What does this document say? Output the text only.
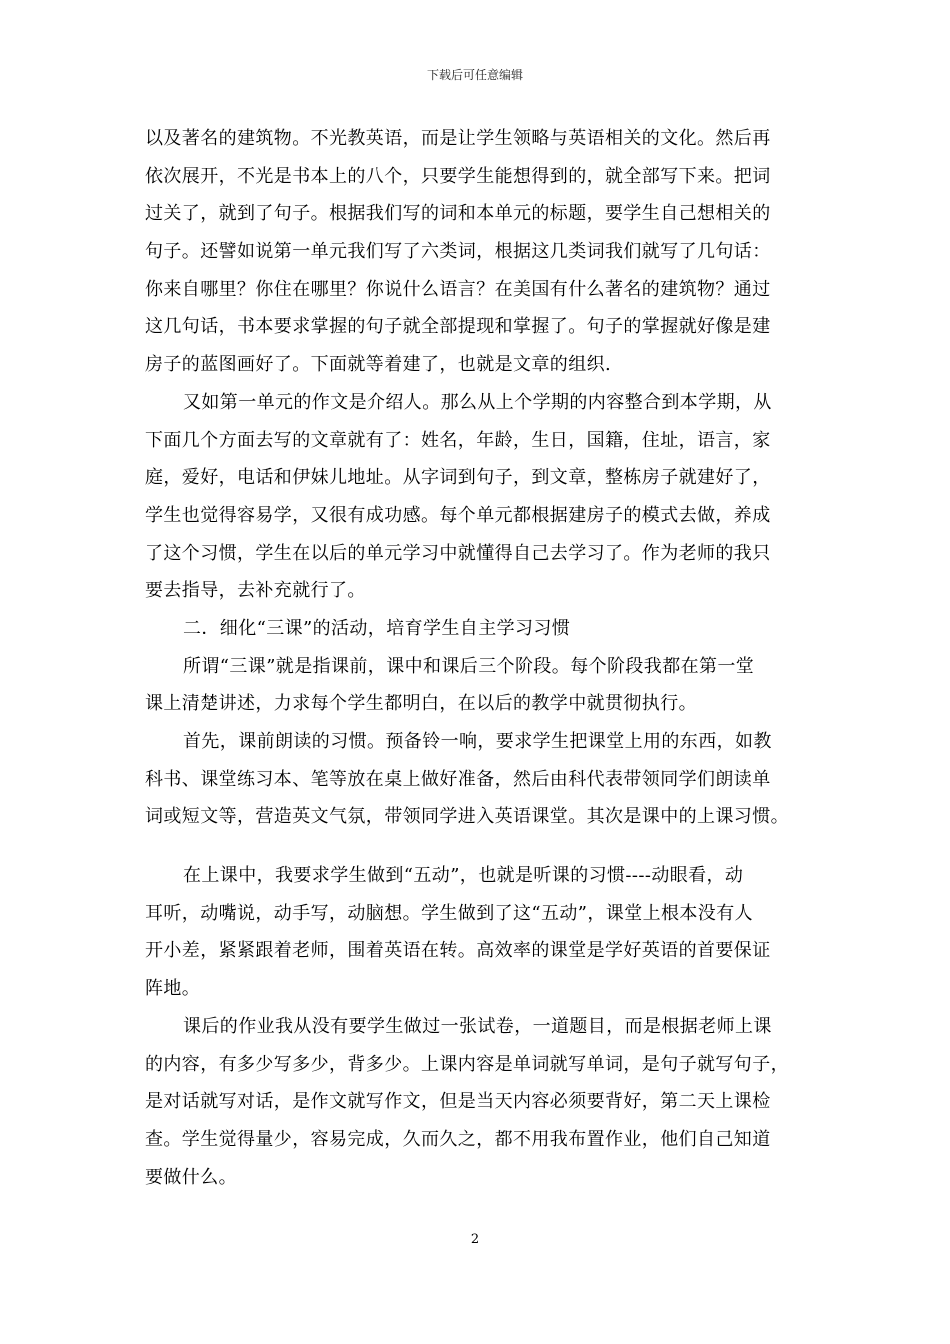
下载后可任意编辑
以及著名的建筑物。不光教英语，而是让学生领略与英语相关的文化。然后再
依次展开，不光是书本上的八个，只要学生能想得到的，就全部写下来。把词
过关了，就到了句子。根据我们写的词和本单元的标题，要学生自己想相关的
句子。还譬如说第一单元我们写了六类词，根据这几类词我们就写了几句话：
你来自哪里？你住在哪里？你说什么语言？在美国有什么著名的建筑物？通过
这几句话，书本要求掌握的句子就全部提现和掌握了。句子的掌握就好像是建
房子的蓝图画好了。下面就等着建了，也就是文章的组织.
又如第一单元的作文是介绍人。那么从上个学期的内容整合到本学期，从
下面几个方面去写的文章就有了：姓名，年龄，生日，国籍，住址，语言，家
庭，爱好，电话和伊妹儿地址。从字词到句子，到文章，整栋房子就建好了，
学生也觉得容易学，又很有成功感。每个单元都根据建房子的模式去做，养成
了这个习惯，学生在以后的单元学习中就懂得自己去学习了。作为老师的我只
要去指导，去补充就行了。
二．细化“三课”的活动，培育学生自主学习习惯
所谓“三课”就是指课前，课中和课后三个阶段。每个阶段我都在第一堂
课上清楚讲述，力求每个学生都明白，在以后的教学中就贯彻执行。
首先，课前朗读的习惯。预备铃一响，要求学生把课堂上用的东西，如教
科书、课堂练习本、笔等放在桌上做好准备，然后由科代表带领同学们朗读单
词或短文等，营造英文气氛，带领同学进入英语课堂。其次是课中的上课习惯。
在上课中，我要求学生做到“五动”，也就是听课的习惯----动眼看，动
耳听，动嘴说，动手写，动脑想。学生做到了这“五动”，课堂上根本没有人
开小差，紧紧跟着老师，围着英语在转。高效率的课堂是学好英语的首要保证
阵地。
课后的作业我从没有要学生做过一张试卷，一道题目，而是根据老师上课
的内容，有多少写多少，背多少。上课内容是单词就写单词，是句子就写句子，
是对话就写对话，是作文就写作文，但是当天内容必须要背好，第二天上课检
查。学生觉得量少，容易完成，久而久之，都不用我布置作业，他们自己知道
要做什么。
2
